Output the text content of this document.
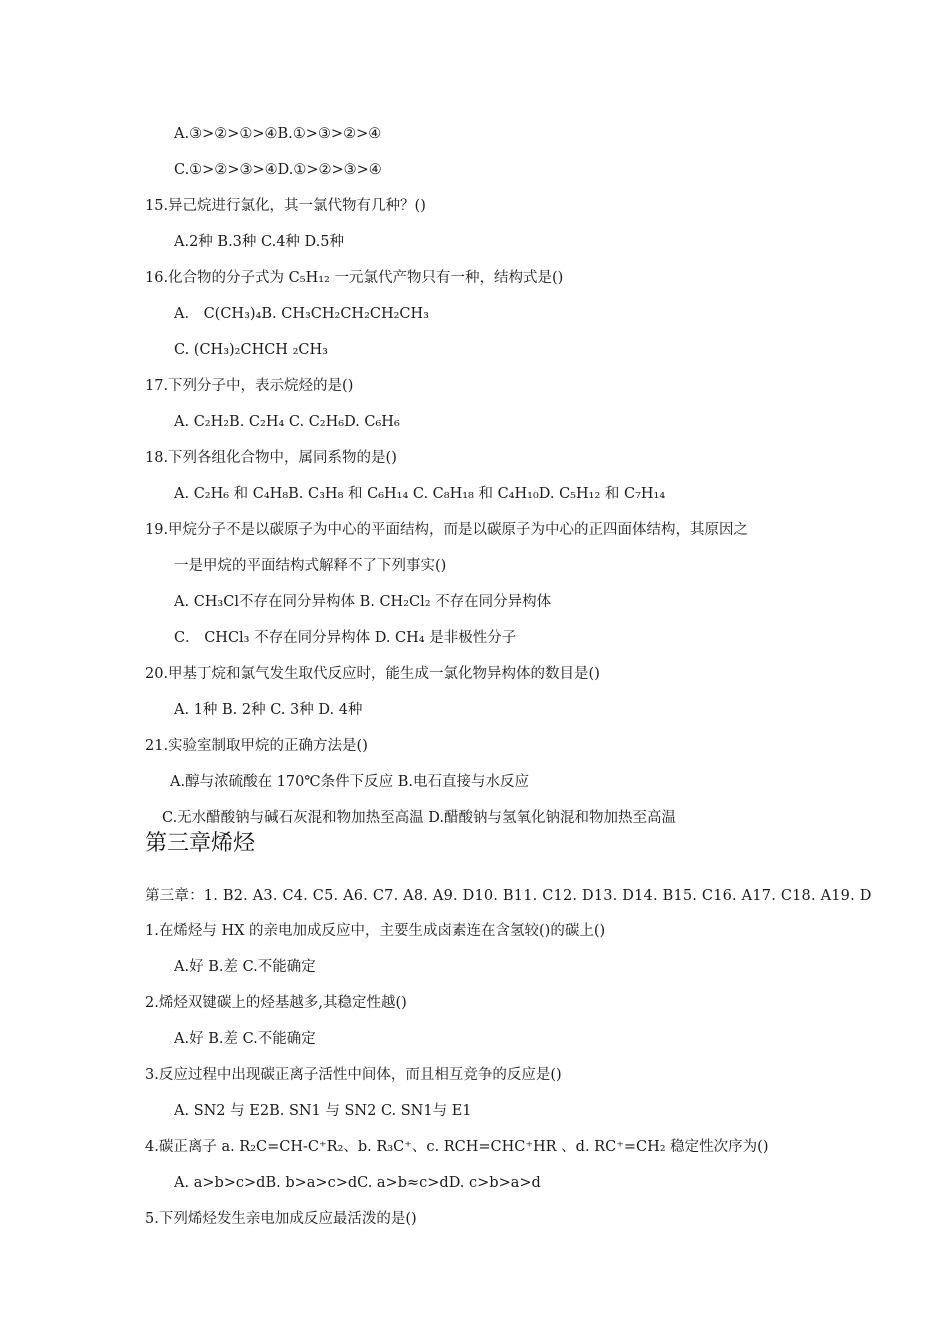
A.③>②>①>④B.①>③>②>④
C.①>②>③>④D.①>②>③>④
15.异己烷进行氯化，其一氯代物有几种？()
A.2种 B.3种 C.4种 D.5种
16.化合物的分子式为 C₅H₁₂ 一元氯代产物只有一种，结构式是()
A． C(CH₃)₄B. CH₃CH₂CH₂CH₂CH₃
C. (CH₃)₂CHCH ₂CH₃
17.下列分子中，表示烷烃的是()
A. C₂H₂B. C₂H₄ C. C₂H₆D. C₆H₆
18.下列各组化合物中，属同系物的是()
A. C₂H₆ 和 C₄H₈B. C₃H₈ 和 C₆H₁₄ C. C₈H₁₈ 和 C₄H₁₀D. C₅H₁₂ 和 C₇H₁₄
19.甲烷分子不是以碳原子为中心的平面结构，而是以碳原子为中心的正四面体结构，其原因之
一是甲烷的平面结构式解释不了下列事实()
A. CH₃Cl不存在同分异构体 B. CH₂Cl₂ 不存在同分异构体
C． CHCl₃ 不存在同分异构体 D. CH₄ 是非极性分子
20.甲基丁烷和氯气发生取代反应时，能生成一氯化物异构体的数目是()
A. 1种 B. 2种 C. 3种 D. 4种
21.实验室制取甲烷的正确方法是()
A.醇与浓硫酸在 170℃条件下反应 B.电石直接与水反应
C.无水醋酸钠与碱石灰混和物加热至高温 D.醋酸钠与氢氧化钠混和物加热至高温
第三章烯烃
第三章：1. B2. A3. C4. C5. A6. C7. A8. A9. D10. B11. C12. D13. D14. B15. C16. A17. C18. A19. D
1.在烯烃与 HX 的亲电加成反应中，主要生成卤素连在含氢较()的碳上()
A.好 B.差 C.不能确定
2.烯烃双键碳上的烃基越多,其稳定性越()
A.好 B.差 C.不能确定
3.反应过程中出现碳正离子活性中间体，而且相互竞争的反应是()
A. SN2 与 E2B. SN1 与 SN2 C. SN1与 E1
4.碳正离子 a. R₂C=CH-C⁺R₂、b. R₃C⁺、c. RCH=CHC⁺HR 、d. RC⁺=CH₂ 稳定性次序为()
A. a>b>c>dB. b>a>c>dC. a>b≈c>dD. c>b>a>d
5.下列烯烃发生亲电加成反应最活泼的是()
